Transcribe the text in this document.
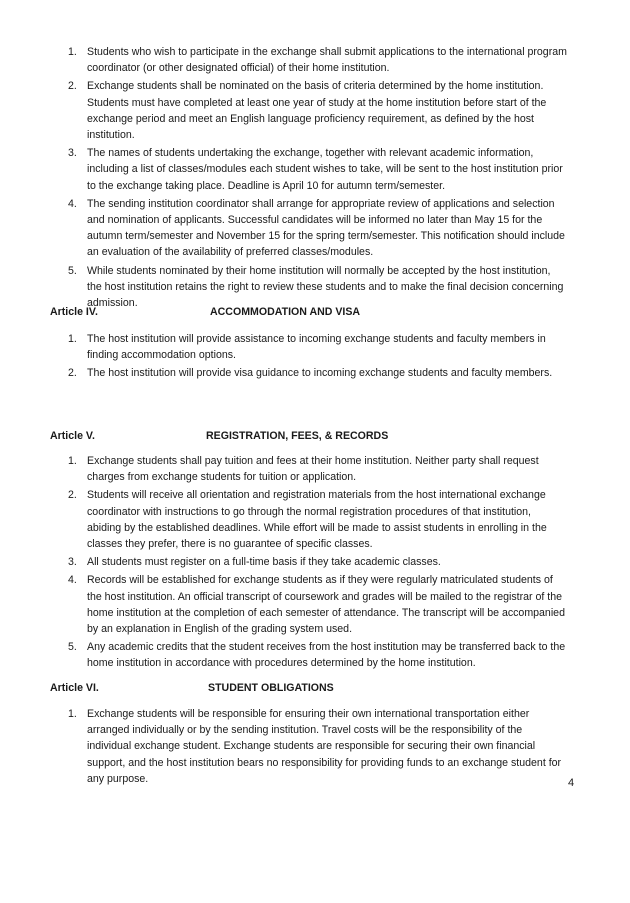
1. Students who wish to participate in the exchange shall submit applications to the international program coordinator (or other designated official) of their home institution.
2. Exchange students shall be nominated on the basis of criteria determined by the home institution. Students must have completed at least one year of study at the home institution before start of the exchange period and meet an English language proficiency requirement, as defined by the host institution.
3. The names of students undertaking the exchange, together with relevant academic information, including a list of classes/modules each student wishes to take, will be sent to the host institution prior to the exchange taking place. Deadline is April 10 for autumn term/semester.
4. The sending institution coordinator shall arrange for appropriate review of applications and selection and nomination of applicants. Successful candidates will be informed no later than May 15 for the autumn term/semester and November 15 for the spring term/semester. This notification should include an evaluation of the availability of preferred classes/modules.
5. While students nominated by their home institution will normally be accepted by the host institution, the host institution retains the right to review these students and to make the final decision concerning admission.
Article IV.	ACCOMMODATION AND VISA
1. The host institution will provide assistance to incoming exchange students and faculty members in finding accommodation options.
2. The host institution will provide visa guidance to incoming exchange students and faculty members.
Article V.	REGISTRATION, FEES, & RECORDS
1. Exchange students shall pay tuition and fees at their home institution. Neither party shall request charges from exchange students for tuition or application.
2. Students will receive all orientation and registration materials from the host international exchange coordinator with instructions to go through the normal registration procedures of that institution, abiding by the established deadlines. While effort will be made to assist students in enrolling in the classes they prefer, there is no guarantee of specific classes.
3. All students must register on a full-time basis if they take academic classes.
4. Records will be established for exchange students as if they were regularly matriculated students of the host institution. An official transcript of coursework and grades will be mailed to the registrar of the home institution at the completion of each semester of attendance. The transcript will be accompanied by an explanation in English of the grading system used.
5. Any academic credits that the student receives from the host institution may be transferred back to the home institution in accordance with procedures determined by the home institution.
Article VI.	STUDENT OBLIGATIONS
1. Exchange students will be responsible for ensuring their own international transportation either arranged individually or by the sending institution. Travel costs will be the responsibility of the individual exchange student. Exchange students are responsible for securing their own financial support, and the host institution bears no responsibility for providing funds to an exchange student for any purpose.	4
